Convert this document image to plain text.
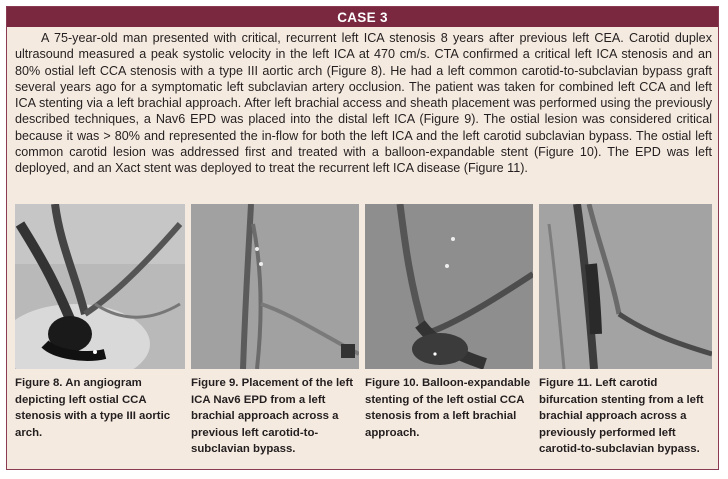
CASE 3

A 75-year-old man presented with critical, recurrent left ICA stenosis 8 years after previous left CEA. Carotid duplex ultrasound measured a peak systolic velocity in the left ICA at 470 cm/s. CTA confirmed a critical left ICA stenosis and an 80% ostial left CCA stenosis with a type III aortic arch (Figure 8). He had a left common carotid-to-subclavian bypass graft several years ago for a symptomatic left subclavian artery occlusion. The patient was taken for combined left CCA and left ICA stenting via a left brachial approach. After left brachial access and sheath placement was performed using the previously described techniques, a Nav6 EPD was placed into the distal left ICA (Figure 9). The ostial lesion was considered critical because it was > 80% and represented the in-flow for both the left ICA and the left carotid subclavian bypass. The ostial left common carotid lesion was addressed first and treated with a balloon-expandable stent (Figure 10). The EPD was left deployed, and an Xact stent was deployed to treat the recurrent left ICA disease (Figure 11).

Figure 8. An angiogram depicting left ostial CCA stenosis with a type III aortic arch.

Figure 9. Placement of the left ICA Nav6 EPD from a left brachial approach across a previous left carotid-to-subclavian bypass.

Figure 10. Balloon-expandable stenting of the left ostial CCA stenosis from a left brachial approach.

Figure 11. Left carotid bifurcation stenting from a left brachial approach across a previously performed left carotid-to-subclavian bypass.
